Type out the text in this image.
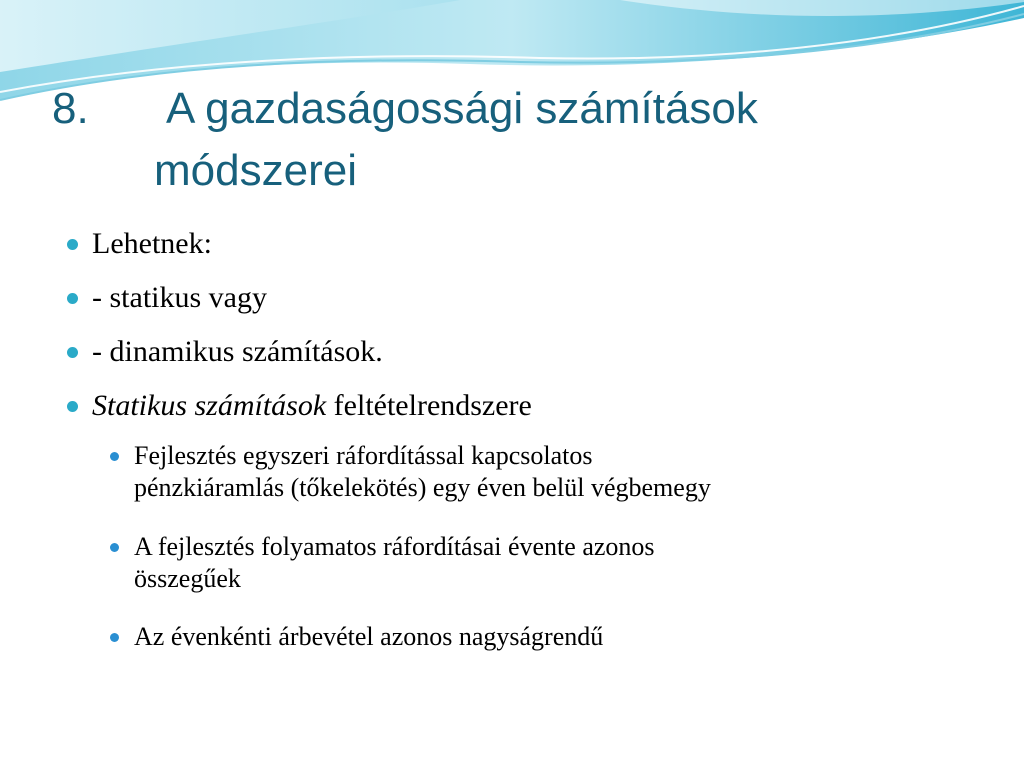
8. A gazdaságossági számítások
módszerei
Lehetnek:
- statikus vagy
- dinamikus számítások.
Statikus számítások feltételrendszere
Fejlesztés egyszeri ráfordítással kapcsolatos
pénzkiáramlás (tőkelekötés) egy éven belül végbemegy
A fejlesztés folyamatos ráfordításai évente azonos
összegűek
Az évenkénti árbevétel azonos nagyságrendű
